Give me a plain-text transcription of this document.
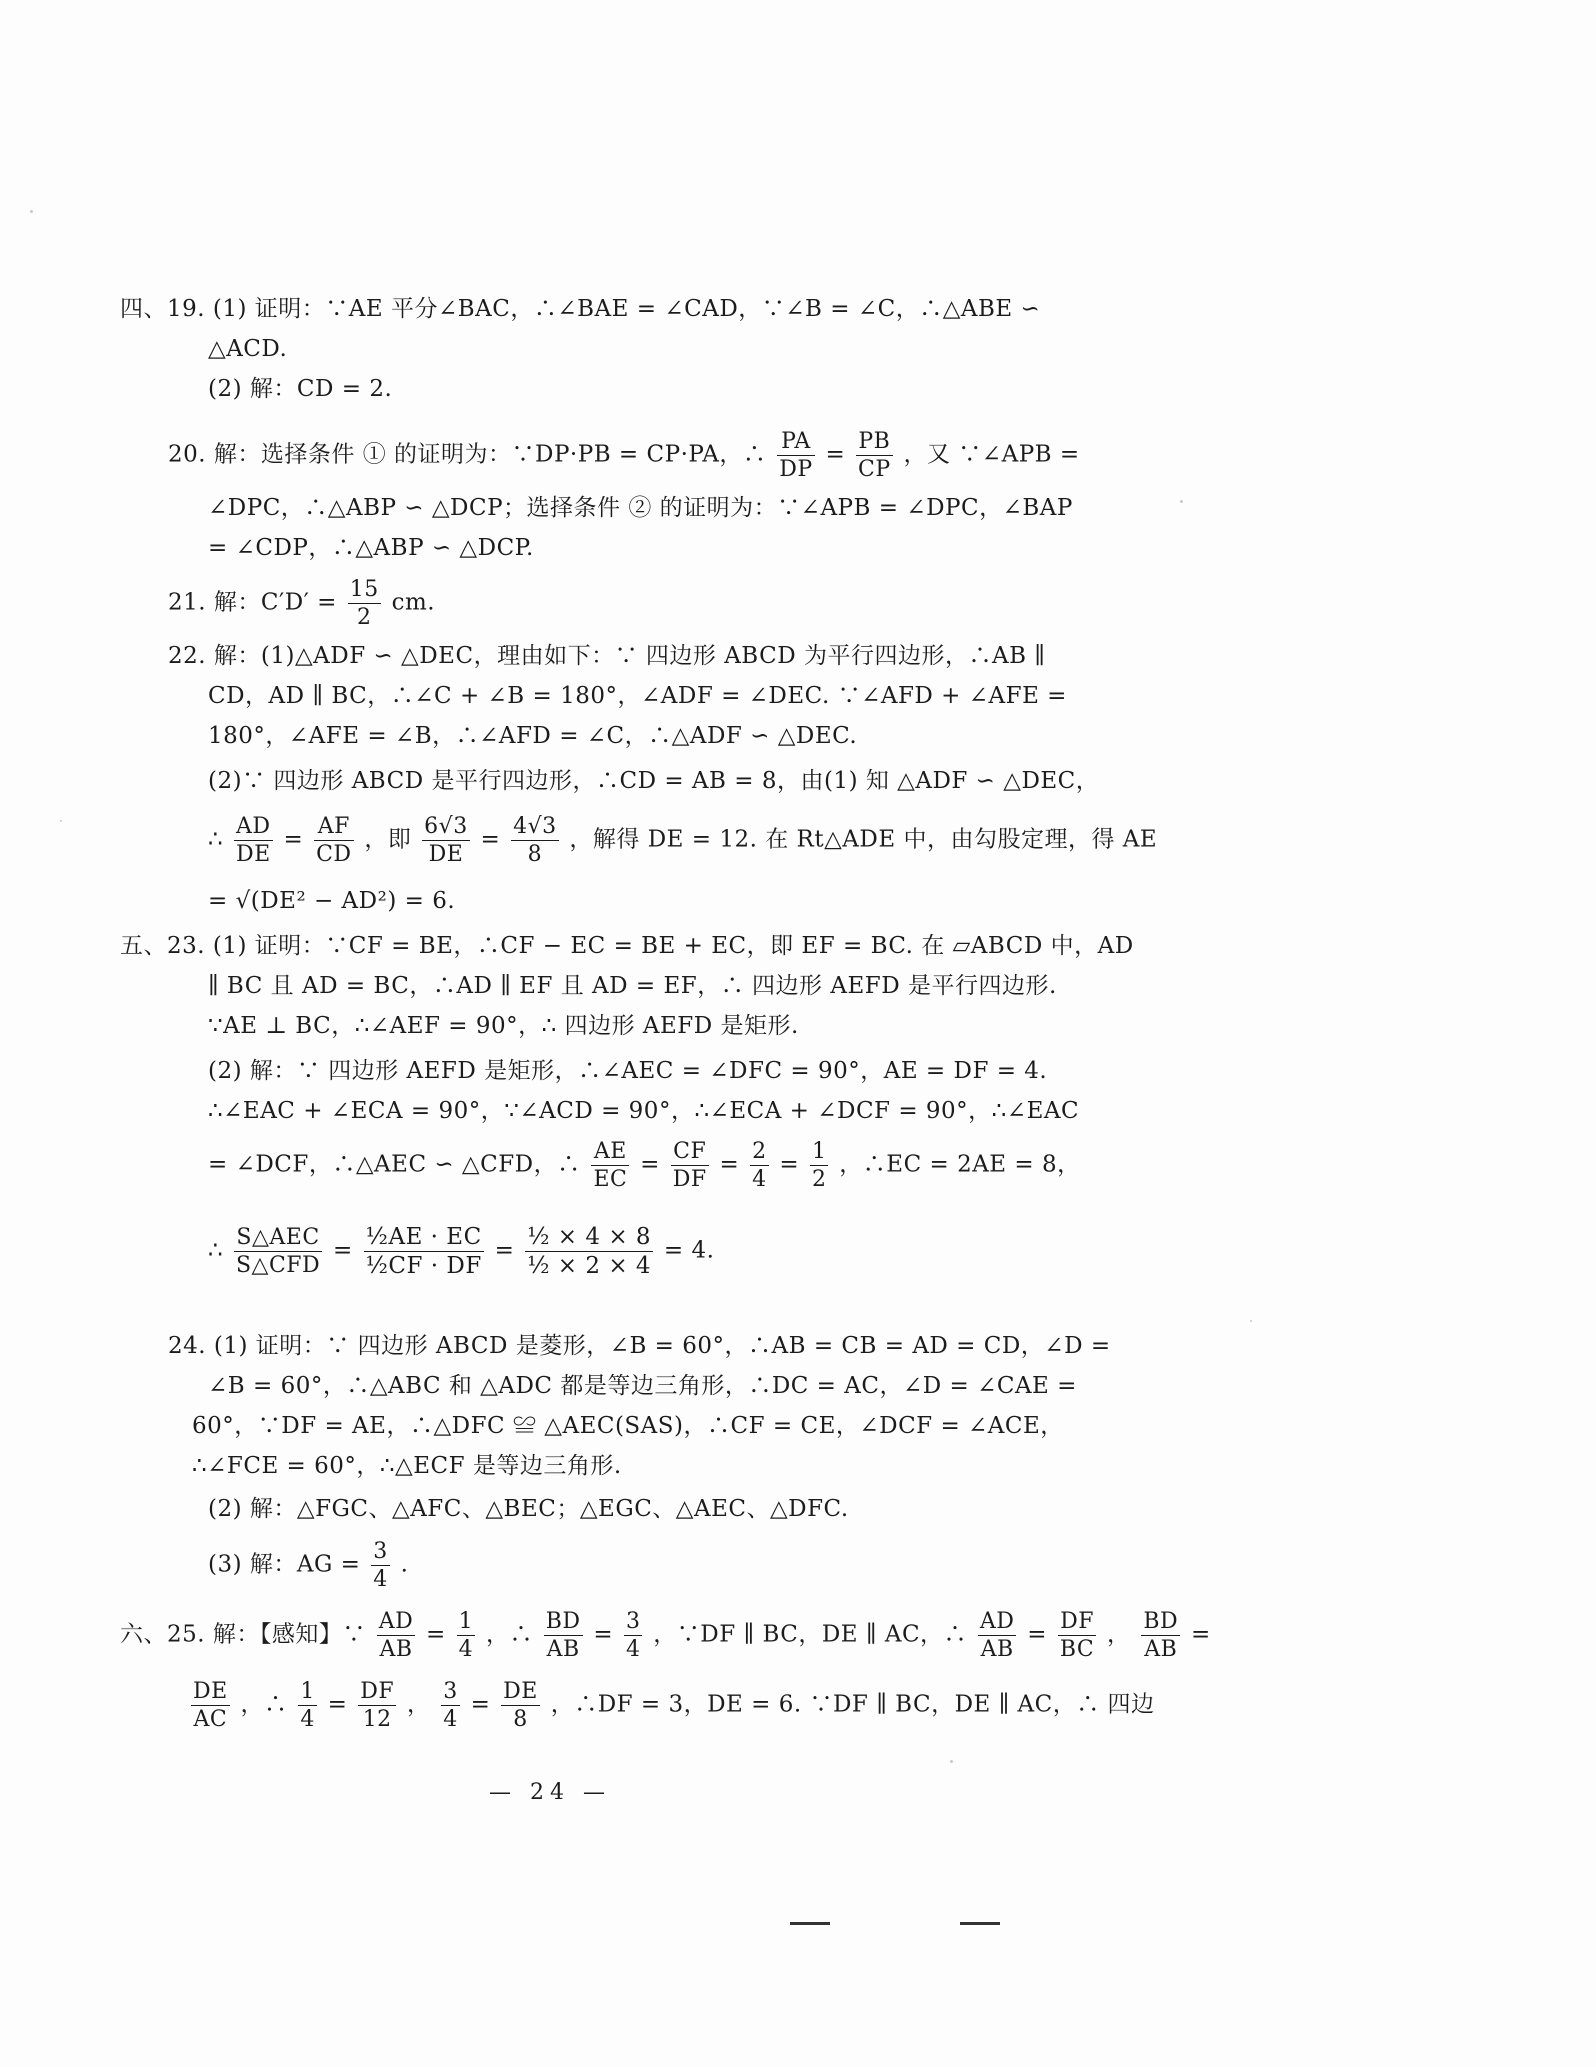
四、19. (1) 证明：∵AE 平分∠BAC，∴∠BAE = ∠CAD，∵∠B = ∠C，∴△ABE ∽
△ACD.
(2) 解：CD = 2.
20. 解：选择条件 ① 的证明为：∵DP·PB = CP·PA，∴ $\frac{PA}{DP} = \frac{PB}{CP}$ ，又 ∵∠APB =
∠DPC，∴△ABP ∽ △DCP；选择条件 ② 的证明为：∵∠APB = ∠DPC，∠BAP
= ∠CDP，∴△ABP ∽ △DCP.
21. 解：$C'D' = \frac{15}{2}$ cm.
22. 解：(1)△ADF ∽ △DEC，理由如下：∵ 四边形 ABCD 为平行四边形，∴AB ∥
CD，AD ∥ BC，∴∠C + ∠B = 180°，∠ADF = ∠DEC. ∵∠AFD + ∠AFE =
180°，∠AFE = ∠B，∴∠AFD = ∠C，∴△ADF ∽ △DEC.
(2)∵ 四边形 ABCD 是平行四边形，∴CD = AB = 8，由(1) 知 △ADF ∽ △DEC，
∴ $\frac{AD}{DE} = \frac{AF}{CD}$ ，即 $\frac{6√3}{DE} = \frac{4√3}{8}$ ，解得 DE = 12. 在 Rt△ADE 中，由勾股定理，得 AE
= √(DE² − AD²) = 6.
五、23. (1) 证明：∵CF = BE，∴CF − EC = BE + EC，即 EF = BC. 在 ▱ABCD 中，AD
∥ BC 且 AD = BC，∴AD ∥ EF 且 AD = EF，∴ 四边形 AEFD 是平行四边形.
∵AE ⊥ BC，∴∠AEF = 90°，∴ 四边形 AEFD 是矩形.
(2) 解：∵ 四边形 AEFD 是矩形，∴∠AEC = ∠DFC = 90°，AE = DF = 4.
∴∠EAC + ∠ECA = 90°，∵∠ACD = 90°，∴∠ECA + ∠DCF = 90°，∴∠EAC
= ∠DCF，∴△AEC ∽ △CFD，∴ $\frac{AE}{EC} = \frac{CF}{DF} = \frac{2}{4} = \frac{1}{2}$ ，∴EC = 2AE = 8，
∴ $\frac{\text{S△AEC}}{\text{S△CFD}} = \frac{\text{½AE · EC}}{\text{½CF · DF}} = \frac{\text{½ × 4 × 8}}{\text{½ × 2 × 4}} = 4$.
24. (1) 证明：∵ 四边形 ABCD 是菱形，∠B = 60°，∴AB = CB = AD = CD，∠D =
∠B = 60°，∴△ABC 和 △ADC 都是等边三角形，∴DC = AC，∠D = ∠CAE =
60°，∵DF = AE，∴△DFC ≌ △AEC(SAS)，∴CF = CE，∠DCF = ∠ACE，
∴∠FCE = 60°，∴△ECF 是等边三角形.
(2) 解：△FGC、△AFC、△BEC；△EGC、△AEC、△DFC.
(3) 解：AG = $\frac{3}{4}$ .
六、25. 解：【感知】∵ $\frac{AD}{AB} = \frac{1}{4}$ ，∴ $\frac{BD}{AB} = \frac{3}{4}$ ，∵DF ∥ BC，DE ∥ AC，∴ $\frac{AD}{AB} = \frac{DF}{BC}$ ， $\frac{BD}{AB}$ =
$\frac{DE}{AC}$ ，∴ $\frac{1}{4} = \frac{DF}{12}$ ， $\frac{3}{4} = \frac{DE}{8}$ ，∴DF = 3，DE = 6. ∵DF ∥ BC，DE ∥ AC，∴ 四边
— 24 —
